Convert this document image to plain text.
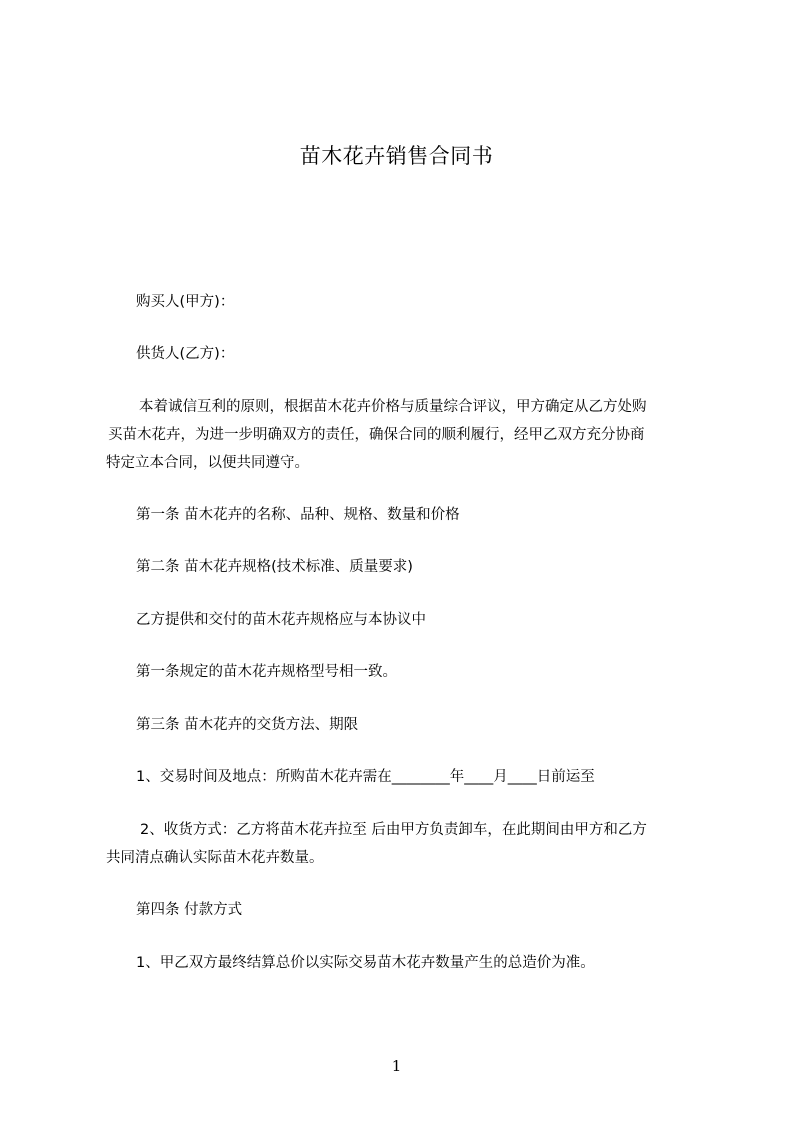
苗木花卉销售合同书
购买人(甲方)：
供货人(乙方)：
本着诚信互利的原则，根据苗木花卉价格与质量综合评议，甲方确定从乙方处购
买苗木花卉，为进一步明确双方的责任，确保合同的顺利履行，经甲乙双方充分协商
特定立本合同，以便共同遵守。
第一条 苗木花卉的名称、品种、规格、数量和价格
第二条 苗木花卉规格(技术标准、质量要求)
乙方提供和交付的苗木花卉规格应与本协议中
第一条规定的苗木花卉规格型号相一致。
第三条 苗木花卉的交货方法、期限
1、交易时间及地点：所购苗木花卉需在________年____月____日前运至
2、收货方式：乙方将苗木花卉拉至 后由甲方负责卸车，在此期间由甲方和乙方
共同清点确认实际苗木花卉数量。
第四条 付款方式
1、甲乙双方最终结算总价以实际交易苗木花卉数量产生的总造价为准。
1
